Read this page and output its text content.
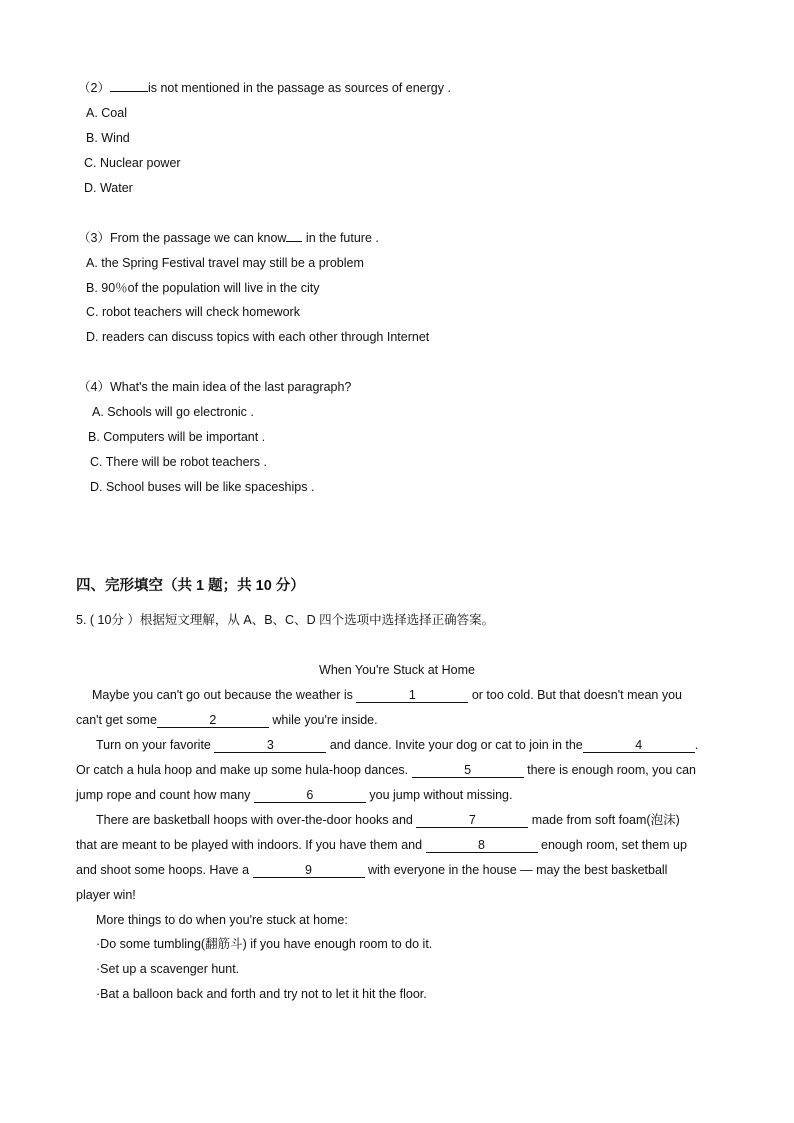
（2）	is not mentioned in the passage as sources of energy .
A. Coal
B. Wind
C. Nuclear power
D. Water
（3）From the passage we can know in the future .
A. the Spring Festival travel may still be a problem
B. 90％of the population will live in the city
C. robot teachers will check homework
D. readers can discuss topics with each other through Internet
（4）What's the main idea of the last paragraph?
A. Schools will go electronic .
B. Computers will be important .
C. There will be robot teachers .
D. School buses will be like spaceships .
四、完形填空（共 1 题；共 10 分）
5. ( 10分 ）根据短文理解，从 A、B、C、D 四个选项中选择选择正确答案。
When You're Stuck at Home
Maybe you can't go out because the weather is	1	or too cold. But that doesn't mean you
can't get some	2	while you're inside.
Turn on your favorite	3	and dance. Invite your dog or cat to join in the	4	.
Or catch a hula hoop and make up some hula-hoop dances.	5	there is enough room, you can
jump rope and count how many	6	you jump without missing.
There are basketball hoops with over-the-door hooks and	7	made from soft foam(泡沫)
that are meant to be played with indoors. If you have them and	8	enough room, set them up
and shoot some hoops. Have a	9	with everyone in the house — may the best basketball
player win!
More things to do when you're stuck at home:
·Do some tumbling(翻筋斗) if you have enough room to do it.
·Set up a scavenger hunt.
·Bat a balloon back and forth and try not to let it hit the floor.
